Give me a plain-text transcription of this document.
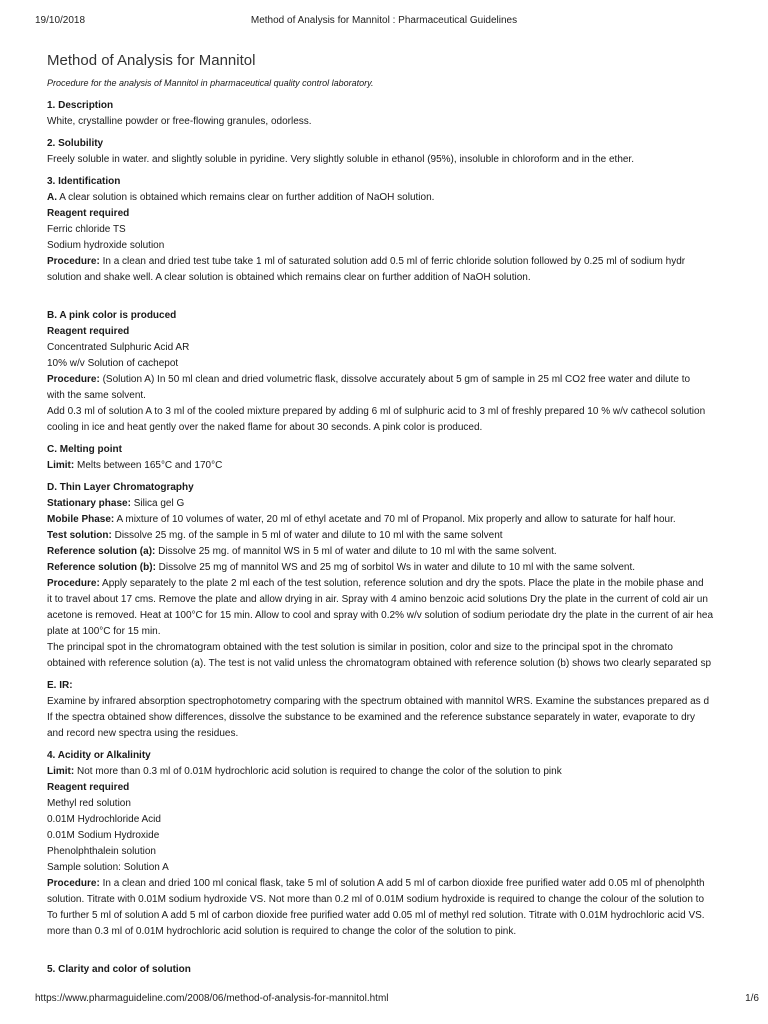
19/10/2018	Method of Analysis for Mannitol : Pharmaceutical Guidelines
Method of Analysis for Mannitol

Procedure for the analysis of Mannitol in pharmaceutical quality control laboratory.

1. Description

White, crystalline powder or free-flowing granules, odorless.

2. Solubility

Freely soluble in water. and slightly soluble in pyridine. Very slightly soluble in ethanol (95%), insoluble in chloroform and in the ether.

3. Identification

A. A clear solution is obtained which remains clear on further addition of NaOH solution.

Reagent required

Ferric chloride TS

Sodium hydroxide solution

Procedure: In a clean and dried test tube take 1 ml of saturated solution add 0.5 ml of ferric chloride solution followed by 0.25 ml of sodium hydr

solution and shake well. A clear solution is obtained which remains clear on further addition of NaOH solution.

B. A pink color is produced

Reagent required

Concentrated Sulphuric Acid AR

10% w/v Solution of cachepot

Procedure: (Solution A) In 50 ml clean and dried volumetric flask, dissolve accurately about 5 gm of sample in 25 ml CO2 free water and dilute to

with the same solvent.

Add 0.3 ml of solution A to 3 ml of the cooled mixture prepared by adding 6 ml of sulphuric acid to 3 ml of freshly prepared 10 % w/v cathecol solution

cooling in ice and heat gently over the naked flame for about 30 seconds. A pink color is produced.

C. Melting point

Limit: Melts between 165°C and 170°C

D. Thin Layer Chromatography

Stationary phase: Silica gel G

Mobile Phase: A mixture of 10 volumes of water, 20 ml of ethyl acetate and 70 ml of Propanol. Mix properly and allow to saturate for half hour.

Test solution: Dissolve 25 mg. of the sample in 5 ml of water and dilute to 10 ml with the same solvent

Reference solution (a): Dissolve 25 mg. of mannitol WS in 5 ml of water and dilute to 10 ml with the same solvent.

Reference solution (b): Dissolve 25 mg of mannitol WS and 25 mg of sorbitol Ws in water and dilute to 10 ml with the same solvent.

Procedure: Apply separately to the plate 2 ml each of the test solution, reference solution and dry the spots. Place the plate in the mobile phase and

it to travel about 17 cms. Remove the plate and allow drying in air. Spray with 4 amino benzoic acid solutions Dry the plate in the current of cold air un

acetone is removed. Heat at 100°C for 15 min. Allow to cool and spray with 0.2% w/v solution of sodium periodate dry the plate in the current of air hea

plate at 100°C for 15 min.

The principal spot in the chromatogram obtained with the test solution is similar in position, color and size to the principal spot in the chromato

obtained with reference solution (a). The test is not valid unless the chromatogram obtained with reference solution (b) shows two clearly separated sp

E. IR:

Examine by infrared absorption spectrophotometry comparing with the spectrum obtained with mannitol WRS. Examine the substances prepared as d

If the spectra obtained show differences, dissolve the substance to be examined and the reference substance separately in water, evaporate to dry

and record new spectra using the residues.

4. Acidity or Alkalinity

Limit: Not more than 0.3 ml of 0.01M hydrochloric acid solution is required to change the color of the solution to pink

Reagent required

Methyl red solution

0.01M Hydrochloride Acid

0.01M Sodium Hydroxide

Phenolphthalein solution

Sample solution: Solution A

Procedure: In a clean and dried 100 ml conical flask, take 5 ml of solution A add 5 ml of carbon dioxide free purified water add 0.05 ml of phenolphth

solution. Titrate with 0.01M sodium hydroxide VS. Not more than 0.2 ml of 0.01M sodium hydroxide is required to change the colour of the solution to

To further 5 ml of solution A add 5 ml of carbon dioxide free purified water add 0.05 ml of methyl red solution. Titrate with 0.01M hydrochloric acid VS.

more than 0.3 ml of 0.01M hydrochloric acid solution is required to change the color of the solution to pink.

5. Clarity and color of solution

https://www.pharmaguideline.com/2008/06/method-of-analysis-for-mannitol.html	1/6
